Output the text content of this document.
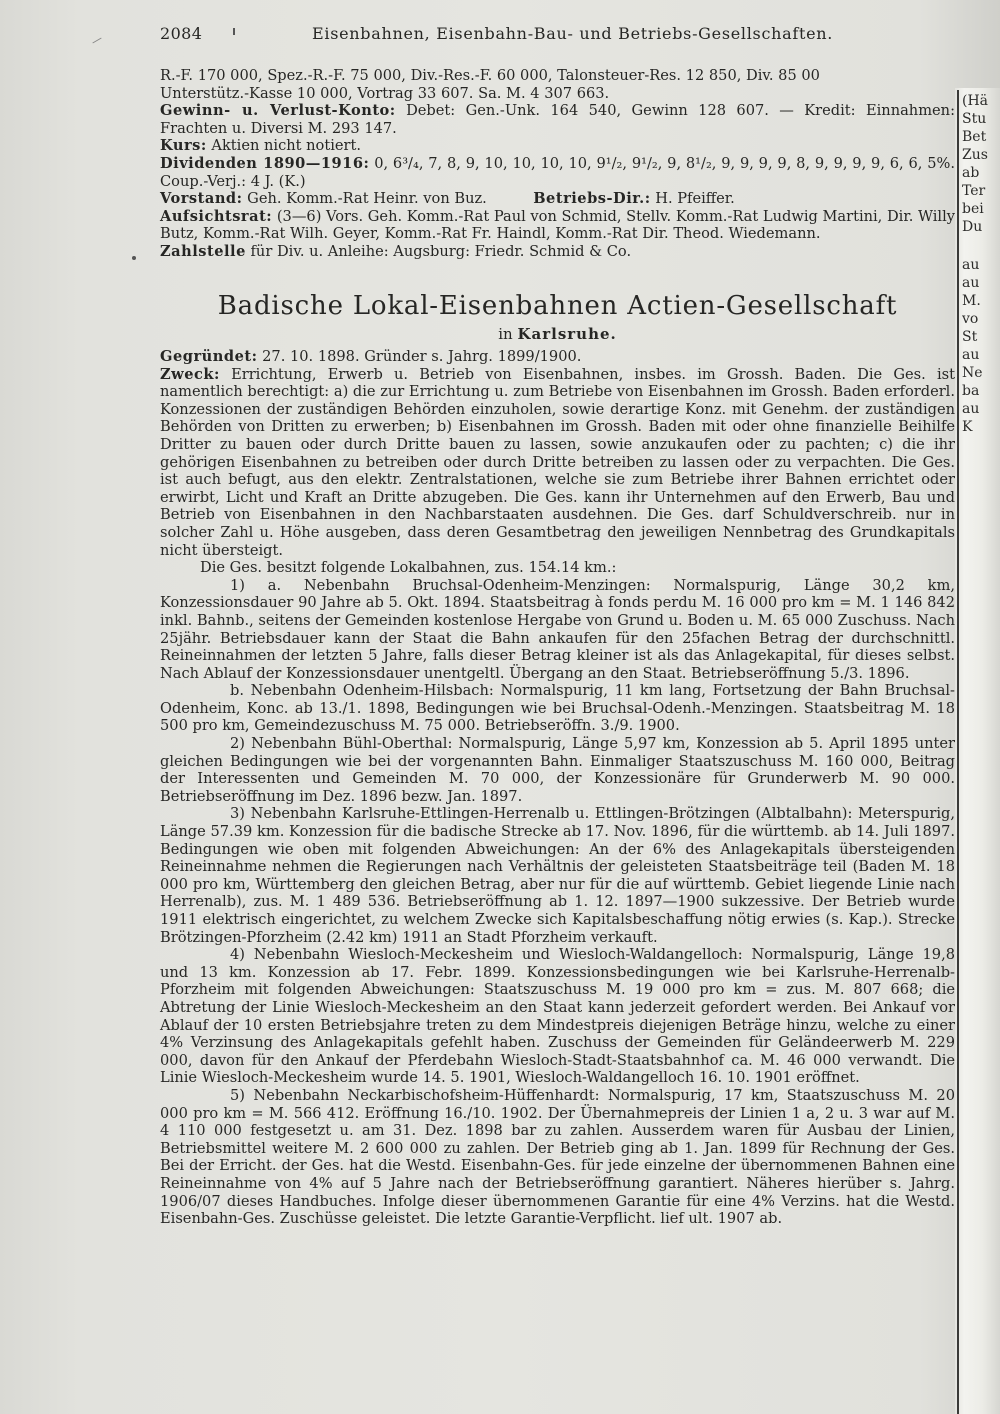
2084	Eisenbahnen, Eisenbahn-Bau- und Betriebs-Gesellschaften.

R.-F. 170 000, Spez.-R.-F. 75 000, Div.-Res.-F. 60 000, Talonsteuer-Res. 12 850, Div. 85 00

Unterstütz.-Kasse 10 000, Vortrag 33 607. Sa. M. 4 307 663.

Gewinn- u. Verlust-Konto: Debet: Gen.-Unk. 164 540, Gewinn 128 607. — Kredit: Einnahmen: Frachten u. Diversi M. 293 147.

Kurs: Aktien nicht notiert.

Dividenden 1890—1916: 0, 6³/₄, 7, 8, 9, 10, 10, 10, 10, 9¹/₂, 9¹/₂, 9, 8¹/₂, 9, 9, 9, 9, 8, 9, 9, 9, 9, 6, 6, 5%. Coup.-Verj.: 4 J. (K.)

Vorstand: Geh. Komm.-Rat Heinr. von Buz.	Betriebs-Dir.: H. Pfeiffer.

Aufsichtsrat: (3—6) Vors. Geh. Komm.-Rat Paul von Schmid, Stellv. Komm.-Rat Ludwig Martini, Dir. Willy Butz, Komm.-Rat Wilh. Geyer, Komm.-Rat Fr. Haindl, Komm.-Rat Dir. Theod. Wiedemann.

Zahlstelle für Div. u. Anleihe: Augsburg: Friedr. Schmid & Co.

Badische Lokal-Eisenbahnen Actien-Gesellschaft
in Karlsruhe.

Gegründet: 27. 10. 1898. Gründer s. Jahrg. 1899/1900.

Zweck: Errichtung, Erwerb u. Betrieb von Eisenbahnen, insbes. im Grossh. Baden. Die Ges. ist namentlich berechtigt: a) die zur Errichtung u. zum Betriebe von Eisenbahnen im Grossh. Baden erforderl. Konzessionen der zuständigen Behörden einzuholen, sowie derartige Konz. mit Genehm. der zuständigen Behörden von Dritten zu erwerben; b) Eisenbahnen im Grossh. Baden mit oder ohne finanzielle Beihilfe Dritter zu bauen oder durch Dritte bauen zu lassen, sowie anzukaufen oder zu pachten; c) die ihr gehörigen Eisenbahnen zu betreiben oder durch Dritte betreiben zu lassen oder zu verpachten. Die Ges. ist auch befugt, aus den elektr. Zentralstationen, welche sie zum Betriebe ihrer Bahnen errichtet oder erwirbt, Licht und Kraft an Dritte abzugeben. Die Ges. kann ihr Unternehmen auf den Erwerb, Bau und Betrieb von Eisenbahnen in den Nachbarstaaten ausdehnen. Die Ges. darf Schuldverschreib. nur in solcher Zahl u. Höhe ausgeben, dass deren Gesamtbetrag den jeweiligen Nennbetrag des Grundkapitals nicht übersteigt.

Die Ges. besitzt folgende Lokalbahnen, zus. 154.14 km.:

1) a. Nebenbahn Bruchsal-Odenheim-Menzingen: Normalspurig, Länge 30,2 km, Konzessionsdauer 90 Jahre ab 5. Okt. 1894. Staatsbeitrag à fonds perdu M. 16 000 pro km = M. 1 146 842 inkl. Bahnb., seitens der Gemeinden kostenlose Hergabe von Grund u. Boden u. M. 65 000 Zuschuss. Nach 25jähr. Betriebsdauer kann der Staat die Bahn ankaufen für den 25fachen Betrag der durchschnittl. Reineinnahmen der letzten 5 Jahre, falls dieser Betrag kleiner ist als das Anlagekapital, für dieses selbst. Nach Ablauf der Konzessionsdauer unentgeltl. Übergang an den Staat. Betriebseröffnung 5./3. 1896.

b. Nebenbahn Odenheim-Hilsbach: Normalspurig, 11 km lang, Fortsetzung der Bahn Bruchsal-Odenheim, Konc. ab 13./1. 1898, Bedingungen wie bei Bruchsal-Odenh.-Menzingen. Staatsbeitrag M. 18 500 pro km, Gemeindezuschuss M. 75 000. Betriebseröffn. 3./9. 1900.

2) Nebenbahn Bühl-Oberthal: Normalspurig, Länge 5,97 km, Konzession ab 5. April 1895 unter gleichen Bedingungen wie bei der vorgenannten Bahn. Einmaliger Staatszuschuss M. 160 000, Beitrag der Interessenten und Gemeinden M. 70 000, der Konzessionäre für Grunderwerb M. 90 000. Betriebseröffnung im Dez. 1896 bezw. Jan. 1897.

3) Nebenbahn Karlsruhe-Ettlingen-Herrenalb u. Ettlingen-Brötzingen (Albtalbahn): Meterspurig, Länge 57.39 km. Konzession für die badische Strecke ab 17. Nov. 1896, für die württemb. ab 14. Juli 1897. Bedingungen wie oben mit folgenden Abweichungen: An der 6% des Anlagekapitals übersteigenden Reineinnahme nehmen die Regierungen nach Verhältnis der geleisteten Staatsbeiträge teil (Baden M. 18 000 pro km, Württemberg den gleichen Betrag, aber nur für die auf württemb. Gebiet liegende Linie nach Herrenalb), zus. M. 1 489 536. Betriebseröffnung ab 1. 12. 1897—1900 sukzessive. Der Betrieb wurde 1911 elektrisch eingerichtet, zu welchem Zwecke sich Kapitalsbeschaffung nötig erwies (s. Kap.). Strecke Brötzingen-Pforzheim (2.42 km) 1911 an Stadt Pforzheim verkauft.

4) Nebenbahn Wiesloch-Meckesheim und Wiesloch-Waldangelloch: Normalspurig, Länge 19,8 und 13 km. Konzession ab 17. Febr. 1899. Konzessionsbedingungen wie bei Karlsruhe-Herrenalb-Pforzheim mit folgenden Abweichungen: Staatszuschuss M. 19 000 pro km = zus. M. 807 668; die Abtretung der Linie Wiesloch-Meckesheim an den Staat kann jederzeit gefordert werden. Bei Ankauf vor Ablauf der 10 ersten Betriebsjahre treten zu dem Mindestpreis diejenigen Beträge hinzu, welche zu einer 4% Verzinsung des Anlagekapitals gefehlt haben. Zuschuss der Gemeinden für Geländeerwerb M. 229 000, davon für den Ankauf der Pferdebahn Wiesloch-Stadt-Staatsbahnhof ca. M. 46 000 verwandt. Die Linie Wiesloch-Meckesheim wurde 14. 5. 1901, Wiesloch-Waldangelloch 16. 10. 1901 eröffnet.

5) Nebenbahn Neckarbischofsheim-Hüffenhardt: Normalspurig, 17 km, Staatszuschuss M. 20 000 pro km = M. 566 412. Eröffnung 16./10. 1902. Der Übernahmepreis der Linien 1 a, 2 u. 3 war auf M. 4 110 000 festgesetzt u. am 31. Dez. 1898 bar zu zahlen. Ausserdem waren für Ausbau der Linien, Betriebsmittel weitere M. 2 600 000 zu zahlen. Der Betrieb ging ab 1. Jan. 1899 für Rechnung der Ges. Bei der Erricht. der Ges. hat die Westd. Eisenbahn-Ges. für jede einzelne der übernommenen Bahnen eine Reineinnahme von 4% auf 5 Jahre nach der Betriebseröffnung garantiert. Näheres hierüber s. Jahrg. 1906/07 dieses Handbuches. Infolge dieser übernommenen Garantie für eine 4% Verzins. hat die Westd. Eisenbahn-Ges. Zuschüsse geleistet. Die letzte Garantie-Verpflicht. lief ult. 1907 ab.

(Hä
Stu
Bet
Zus
ab
Ter
bei
Du
au
au
M.
vo
St
au
Ne
ba
au
K
